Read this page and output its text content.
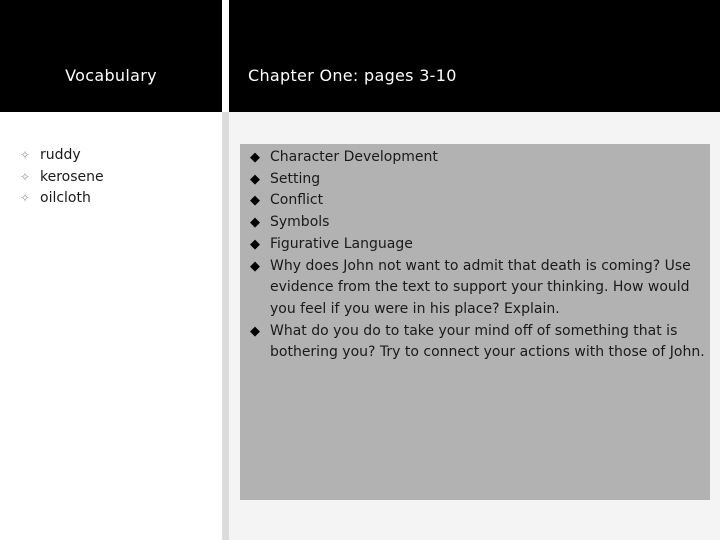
Vocabulary	Chapter One: pages 3-10
✧ ruddy
✧ kerosene
✧ oilcloth
◆ Character Development
◆ Setting
◆ Conflict
◆ Symbols
◆ Figurative Language
◆ Why does John not want to admit that death is coming? Use evidence from the text to support your thinking. How would you feel if you were in his place? Explain.
◆ What do you do to take your mind off of something that is bothering you? Try to connect your actions with those of John.
